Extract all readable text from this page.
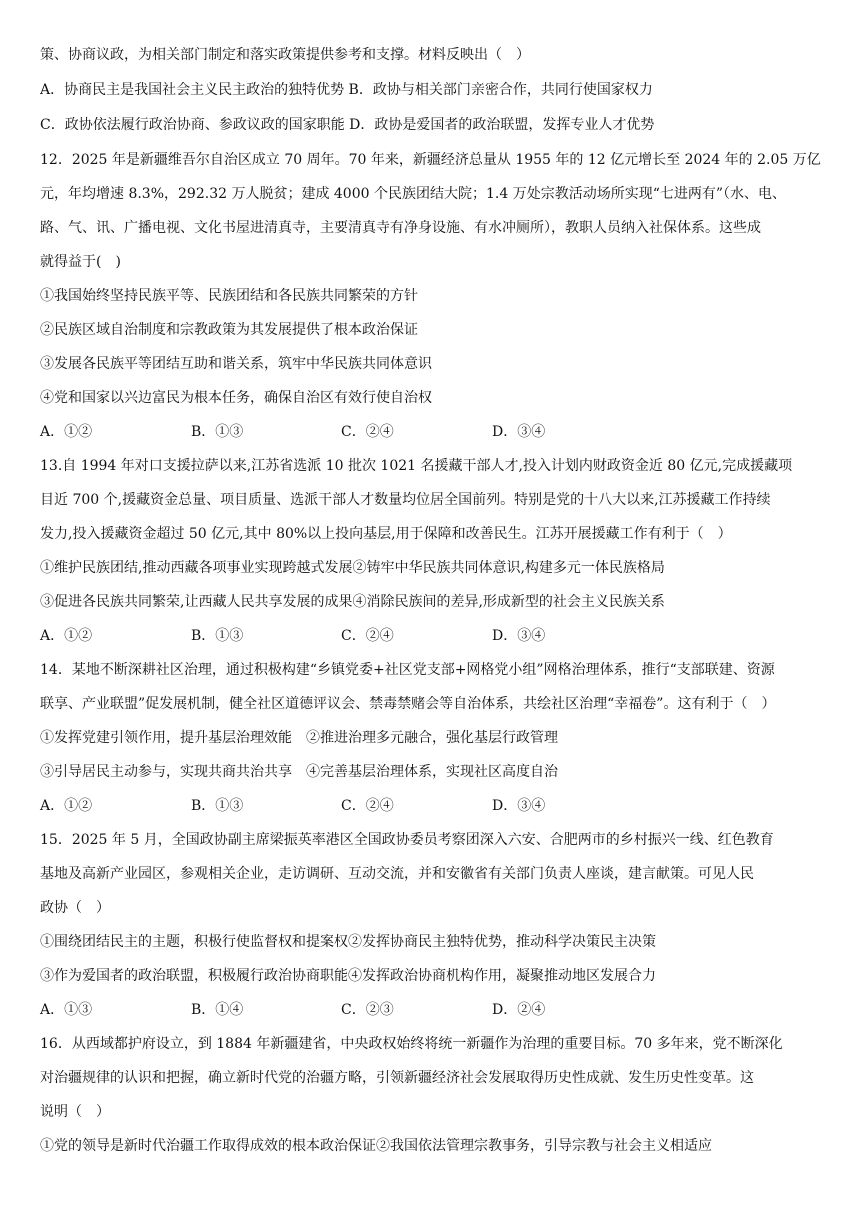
策、协商议政，为相关部门制定和落实政策提供参考和支撑。材料反映出（　）
A．协商民主是我国社会主义民主政治的独特优势 B．政协与相关部门亲密合作，共同行使国家权力
C．政协依法履行政治协商、参政议政的国家职能 D．政协是爱国者的政治联盟，发挥专业人才优势
12．2025 年是新疆维吾尔自治区成立 70 周年。70 年来，新疆经济总量从 1955 年的 12 亿元增长至 2024 年的 2.05 万亿
元，年均增速 8.3%，292.32 万人脱贫；建成 4000 个民族团结大院；1.4 万处宗教活动场所实现“七进两有”（水、电、
路、气、讯、广播电视、文化书屋进清真寺，主要清真寺有净身设施、有水冲厕所），教职人员纳入社保体系。这些成
就得益于(　)
①我国始终坚持民族平等、民族团结和各民族共同繁荣的方针
②民族区域自治制度和宗教政策为其发展提供了根本政治保证
③发展各民族平等团结互助和谐关系，筑牢中华民族共同体意识
④党和国家以兴边富民为根本任务，确保自治区有效行使自治权
A．①②	B．①③	C．②④	D．③④
13.自 1994 年对口支援拉萨以来,江苏省选派 10 批次 1021 名援藏干部人才,投入计划内财政资金近 80 亿元,完成援藏项
目近 700 个,援藏资金总量、项目质量、选派干部人才数量均位居全国前列。特别是党的十八大以来,江苏援藏工作持续
发力,投入援藏资金超过 50 亿元,其中 80%以上投向基层,用于保障和改善民生。江苏开展援藏工作有利于（　）
①维护民族团结,推动西藏各项事业实现跨越式发展②铸牢中华民族共同体意识,构建多元一体民族格局
③促进各民族共同繁荣,让西藏人民共享发展的成果④消除民族间的差异,形成新型的社会主义民族关系
A．①②	B．①③	C．②④	D．③④
14．某地不断深耕社区治理，通过积极构建“乡镇党委+社区党支部+网格党小组”网格治理体系，推行“支部联建、资源
联享、产业联盟”促发展机制，健全社区道德评议会、禁毒禁赌会等自治体系，共绘社区治理“幸福卷”。这有利于（　）
①发挥党建引领作用，提升基层治理效能　②推进治理多元融合，强化基层行政管理
③引导居民主动参与，实现共商共治共享　④完善基层治理体系，实现社区高度自治
A．①②	B．①③	C．②④	D．③④
15．2025 年 5 月，全国政协副主席梁振英率港区全国政协委员考察团深入六安、合肥两市的乡村振兴一线、红色教育
基地及高新产业园区，参观相关企业，走访调研、互动交流，并和安徽省有关部门负责人座谈，建言献策。可见人民
政协（　）
①围绕团结民主的主题，积极行使监督权和提案权②发挥协商民主独特优势，推动科学决策民主决策
③作为爱国者的政治联盟，积极履行政治协商职能④发挥政治协商机构作用，凝聚推动地区发展合力
A．①③	B．①④	C．②③	D．②④
16．从西域都护府设立，到 1884 年新疆建省，中央政权始终将统一新疆作为治理的重要目标。70 多年来，党不断深化
对治疆规律的认识和把握，确立新时代党的治疆方略，引领新疆经济社会发展取得历史性成就、发生历史性变革。这
说明（　）
①党的领导是新时代治疆工作取得成效的根本政治保证②我国依法管理宗教事务，引导宗教与社会主义相适应
